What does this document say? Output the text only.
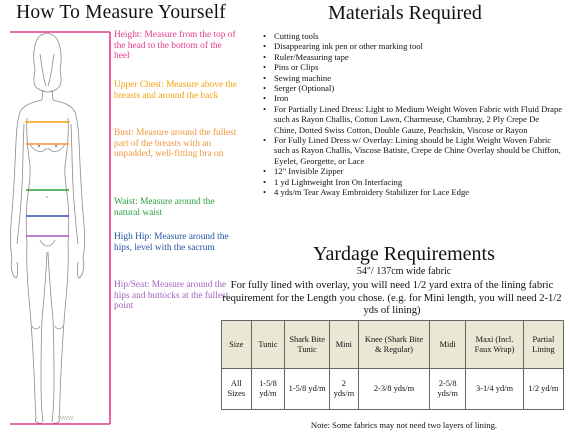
How To Measure Yourself
www.
Height: Measure from the top of the head to the bottom of the heel
Upper Chest: Measure above the breasts and around the back
Bust: Measure around the fullest part of the breasts with an unpadded, well-fitting bra on
Waist: Measure around the natural waist
High Hip: Measure around the hips, level with the sacrum
Hip/Seat: Measure around the hips and buttocks at the fullest point
Materials Required
• Cutting tools
• Disappearing ink pen or other marking tool
• Ruler/Measuring tape
• Pins or Clips
• Sewing machine
• Serger (Optional)
• Iron
• For Partially Lined Dress: Light to Medium Weight Woven Fabric with Fluid Drape such as Rayon Challis, Cotton Lawn, Charmeuse, Chambray, 2 Ply Crepe De Chine, Dotted Swiss Cotton, Double Gauze, Peachskin, Viscose or Rayon
• For Fully Lined Dress w/ Overlay: Lining should be Light Weight Woven Fabric such as Rayon Challis, Viscose Batiste, Crepe de Chine Overlay should be Chiffon, Eyelet, Georgette, or Lace
• 12" Invisible Zipper
• 1 yd Lightweight Iron On Interfacing
• 4 yds/m Tear Away Embroidery Stabilizer for Lace Edge
Yardage Requirements
54"/ 137cm wide fabric
For fully lined with overlay, you will need 1/2 yard extra of the lining fabric requirement for the Length you chose. (e.g. for Mini length, you will need 2-1/2 yds of lining)
Size	Tunic	Shark Bite Tunic	Mini	Knee (Shark Bite & Regular)	Midi	Maxi (Incl. Faux Wrap)	Partial Lining
All Sizes	1-5/8 yd/m	1-5/8 yd/m	2 yds/m	2-3/8 yds/m	2-5/8 yds/m	3-1/4 yd/m	1/2 yd/m
Note: Some fabrics may not need two layers of lining.
